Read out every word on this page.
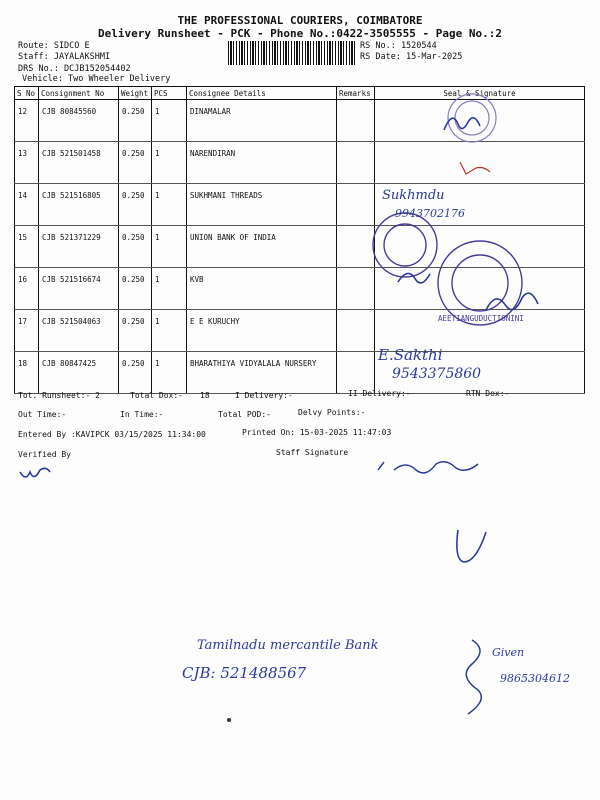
THE PROFESSIONAL COURIERS, COIMBATORE
Delivery Runsheet - PCK - Phone No.:0422-3505555 - Page No.:2
Route: SIDCO E
Staff: JAYALAKSHMI
DRS No.: DCJB152054402
Vehicle: Two Wheeler Delivery
RS No.: 1520544
RS Date: 15-Mar-2025
S No	Consignment No	Weight	PCS	Consignee Details	Remarks	Seal & Signature
12	CJB 80845560	0.250	1	DINAMALAR		
13	CJB 521501458	0.250	1	NARENDIRAN		
14	CJB 521516805	0.250	1	SUKHMANI THREADS		
15	CJB 521371229	0.250	1	UNION BANK OF INDIA		
16	CJB 521516674	0.250	1	KVB		
17	CJB 521504063	0.250	1	E E KURUCHY		
18	CJB 80847425	0.250	1	BHARATHIYA VIDYALALA NURSERY		
Sukhmdu
9943702176
AEETIANGUDUCTIONINI
E.Sakthi
9543375860
Tot. Runsheet:- 2	Total Dox:- 18	I Delivery:-	II Delivery:-	RTN Dox:-
Out Time:-	In Time:-	Total POD:-	Delvy Points:-
Entered By :KAVIPCK 03/15/2025 11:34:00	Printed On: 15-03-2025 11:47:03
Verified By	Staff Signature
Tamilnadu mercantile Bank
CJB: 521488567
Given
9865304612
